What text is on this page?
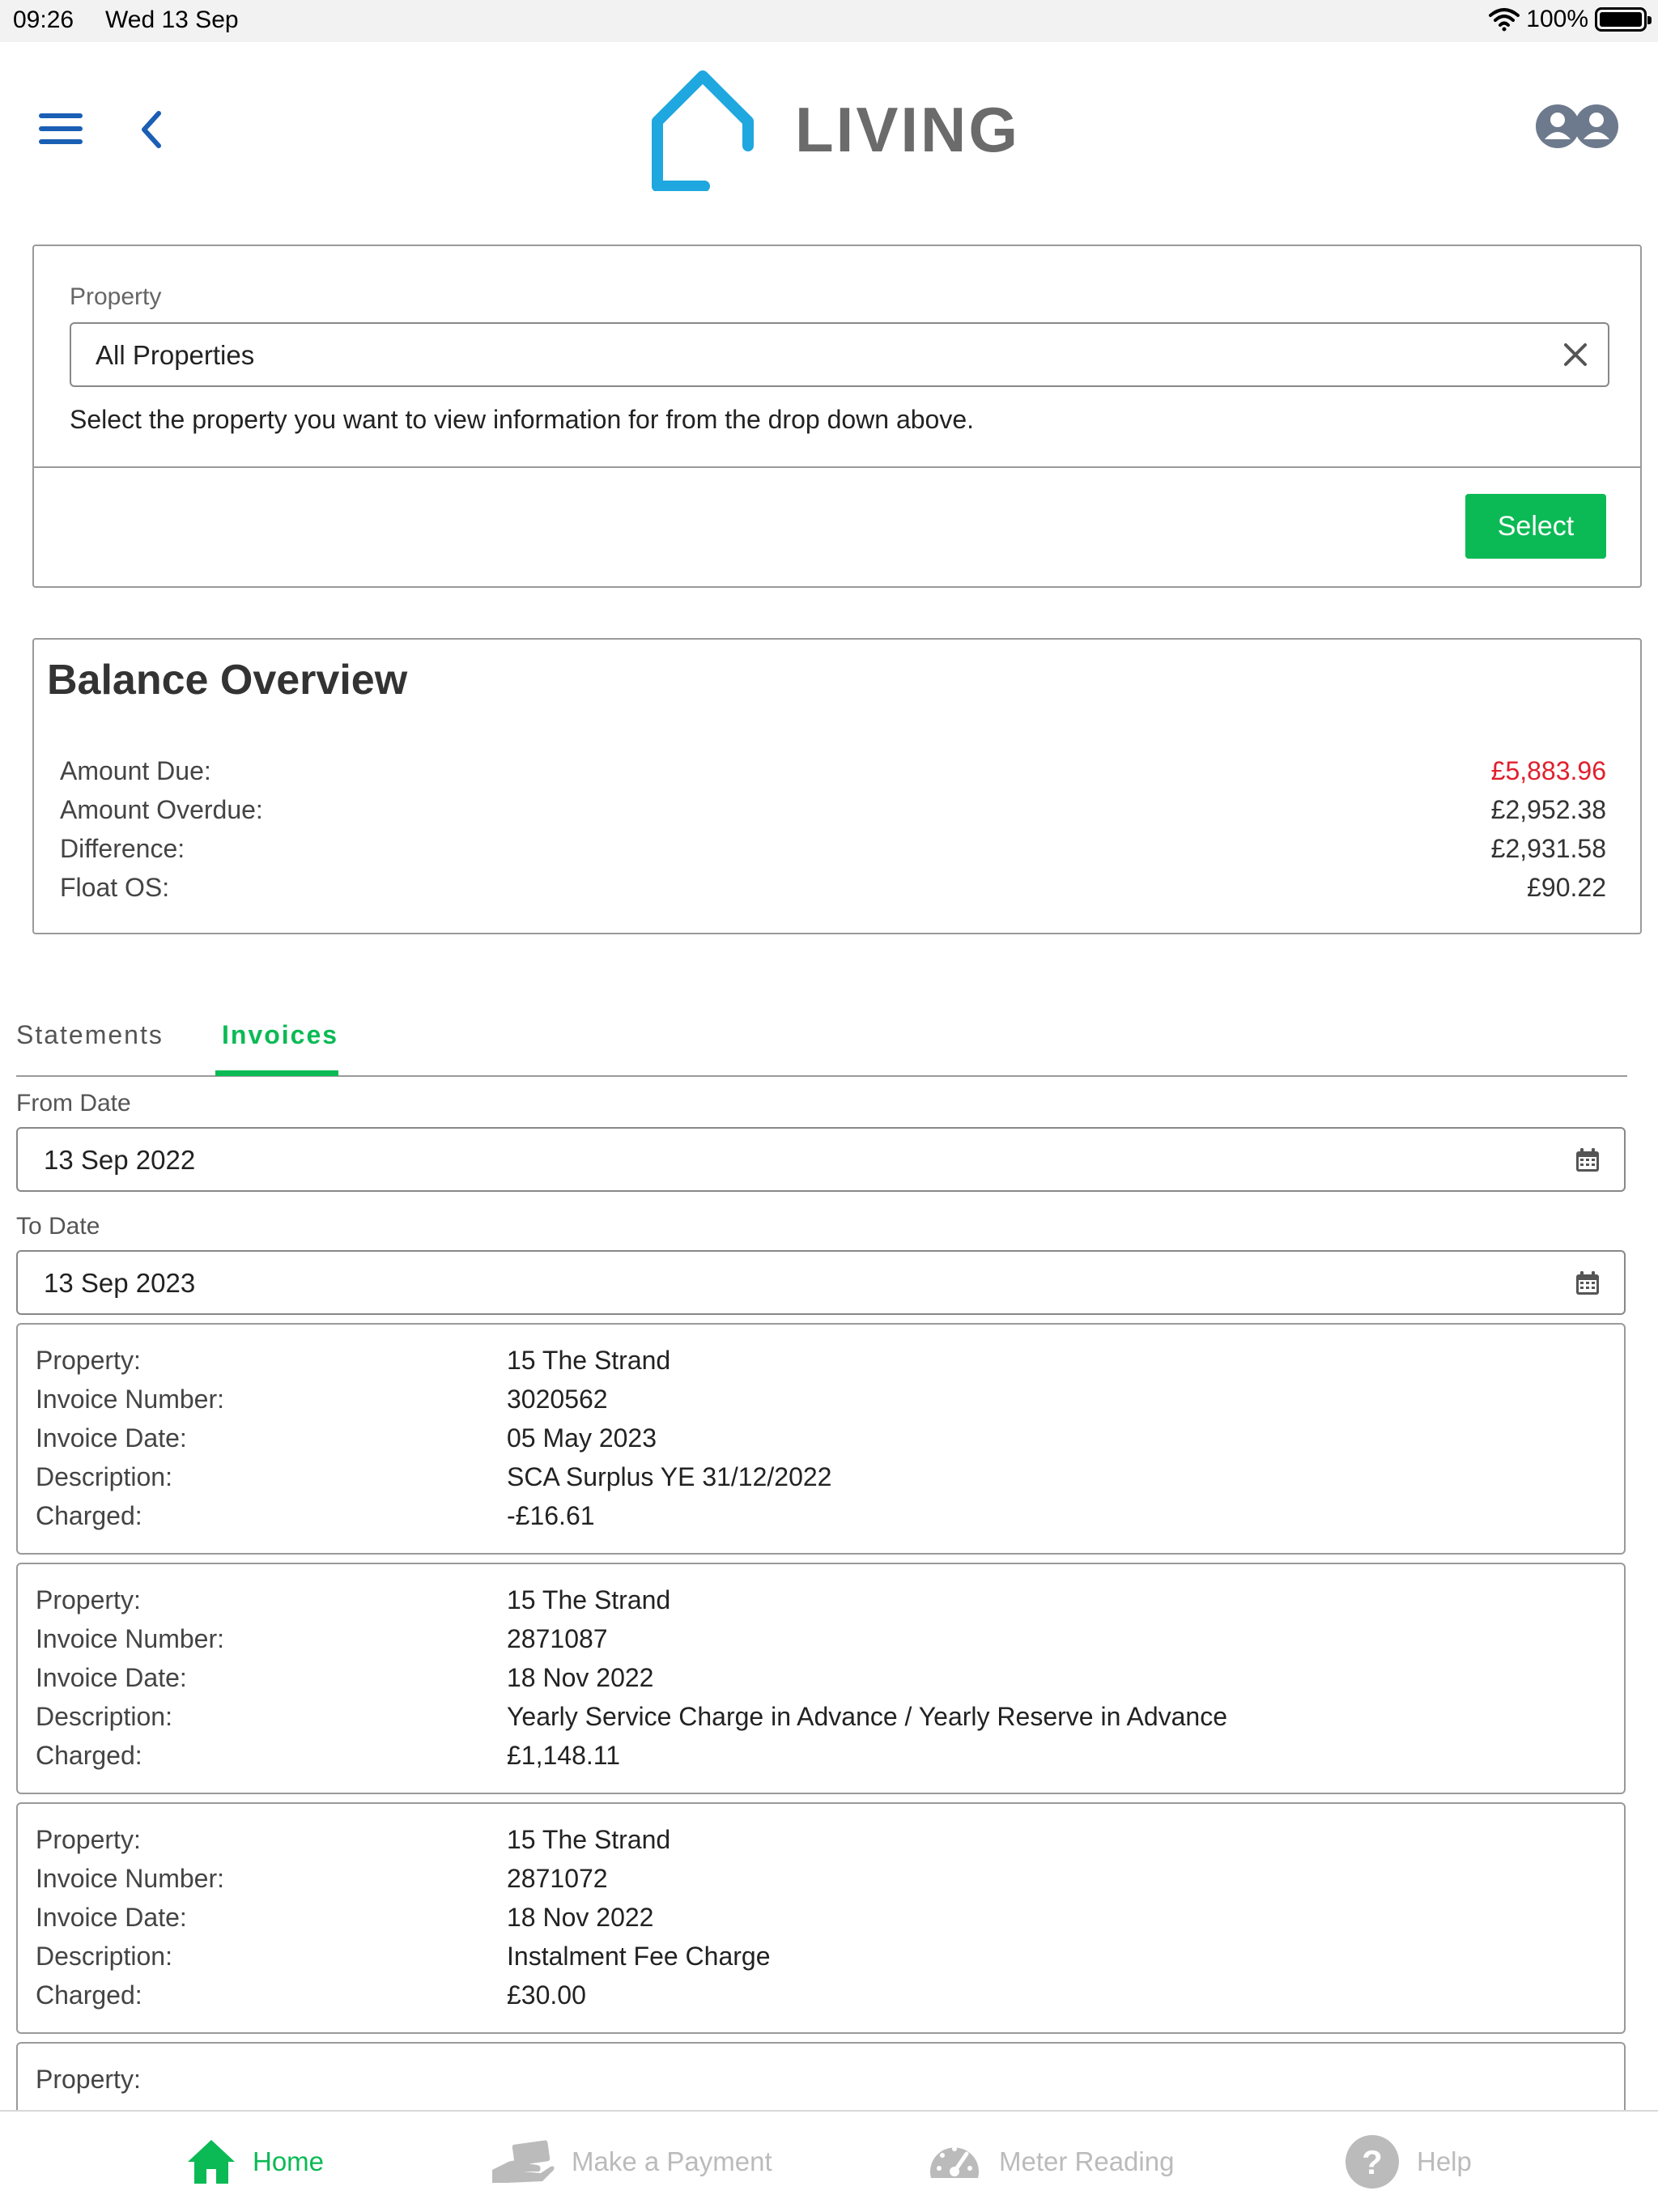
09:26 Wed 13 Sep	100%
LIVING
Property
All Properties
Select the property you want to view information for from the drop down above.
Select
Balance Overview
Amount Due:	£5,883.96
Amount Overdue:	£2,952.38
Difference:	£2,931.58
Float OS:	£90.22
Statements Invoices
From Date
13 Sep 2022
To Date
13 Sep 2023
Property:	15 The Strand
Invoice Number:	3020562
Invoice Date:	05 May 2023
Description:	SCA Surplus YE 31/12/2022
Charged:	-£16.61
Property:	15 The Strand
Invoice Number:	2871087
Invoice Date:	18 Nov 2022
Description:	Yearly Service Charge in Advance / Yearly Reserve in Advance
Charged:	£1,148.11
Property:	15 The Strand
Invoice Number:	2871072
Invoice Date:	18 Nov 2022
Description:	Instalment Fee Charge
Charged:	£30.00
Property:
Home	Make a Payment	Meter Reading	? Help
